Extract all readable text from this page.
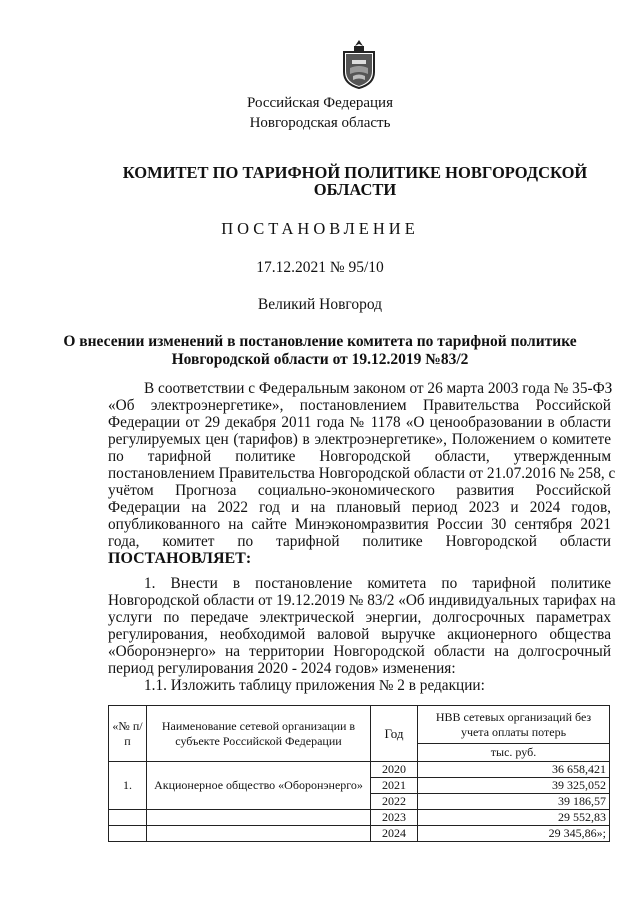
Российская Федерация
Новгородская область
КОМИТЕТ ПО ТАРИФНОЙ ПОЛИТИКЕ НОВГОРОДСКОЙ
ОБЛАСТИ
ПОСТАНОВЛЕНИЕ
17.12.2021 № 95/10
Великий Новгород
О внесении изменений в постановление комитета по тарифной политике
Новгородской области от 19.12.2019 №83/2
В соответствии с Федеральным законом от 26 марта 2003 года № 35-ФЗ
«Об электроэнергетике», постановлением Правительства Российской
Федерации от 29 декабря 2011 года № 1178 «О ценообразовании в области
регулируемых цен (тарифов) в электроэнергетике», Положением о комитете
по тарифной политике Новгородской области, утвержденным
постановлением Правительства Новгородской области от 21.07.2016 № 258, с
учётом Прогноза социально-экономического развития Российской
Федерации на 2022 год и на плановый период 2023 и 2024 годов,
опубликованного на сайте Минэкономразвития России 30 сентября 2021
года, комитет по тарифной политике Новгородской области
ПОСТАНОВЛЯЕТ:
1. Внести в постановление комитета по тарифной политике
Новгородской области от 19.12.2019 № 83/2 «Об индивидуальных тарифах на
услуги по передаче электрической энергии, долгосрочных параметрах
регулирования, необходимой валовой выручке акционерного общества
«Оборонэнерго» на территории Новгородской области на долгосрочный
период регулирования 2020 - 2024 годов» изменения:
1.1. Изложить таблицу приложения № 2 в редакции:
«№ п/п	Наименование сетевой организации в субъекте Российской Федерации	Год	НВВ сетевых организаций без учета оплаты потерь
			тыс. руб.
1.	Акционерное общество «Оборонэнерго»	2020	36 658,421
		2021	39 325,052
		2022	39 186,57
		2023	29 552,83
		2024	29 345,86»;
